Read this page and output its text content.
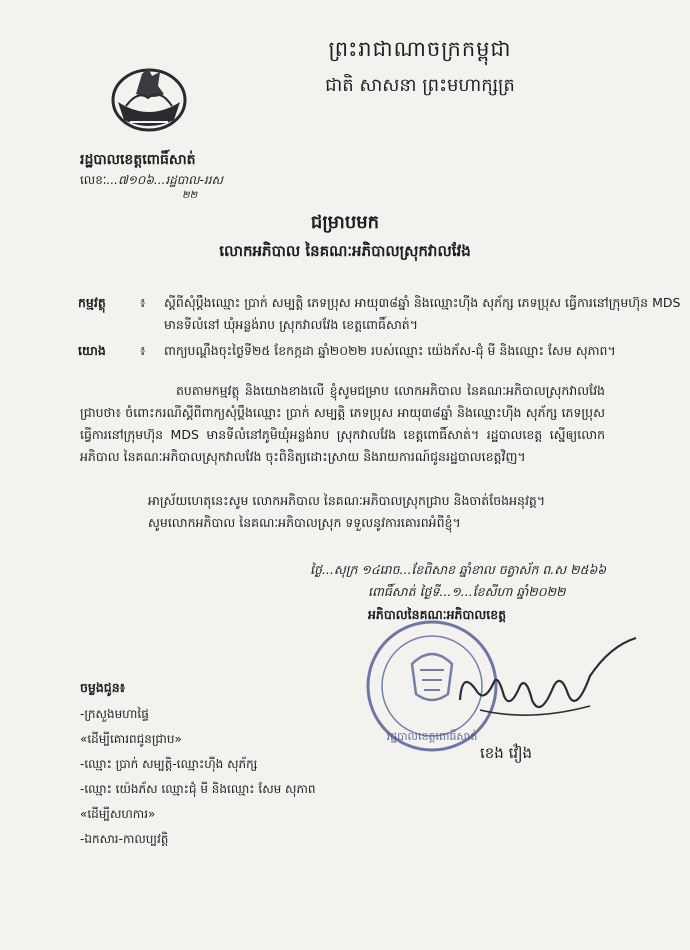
ព្រះរាជាណាចក្រកម្ពុជា
ជាតិ សាសនា ព្រះមហាក្សត្រ
រដ្ឋបាលខេត្តពោធិ៍សាត់
លេខៈ...៧១០៦...រដ្ឋបាល-ររស
២២
ជម្រាបមក
លោកអភិបាល នៃគណៈអភិបាលស្រុកវាលវែង
កម្មវត្ថុ	៖ ស្តីពីសុំប្តឹងឈ្មោះ ប្រាក់ សម្បត្តិ ភេទប្រុស អាយុ៣៨ឆ្នាំ និងឈ្មោះហ៊ីង សុភ័ក្ស ភេទប្រុស ធ្វើការនៅក្រុមហ៊ុន MDS មានទីលំនៅ ឃុំអន្លង់រាប ស្រុកវាលវែង ខេត្តពោធិ៍សាត់។
យោង	៖ ពាក្យបណ្តឹងចុះថ្ងៃទី២៥ ខែកក្កដា ឆ្នាំ២០២២ របស់ឈ្មោះ យ៉េងភ័ស-ជុំ មី និងឈ្មោះ សែម សុភាព។
តបតាមកម្មវត្ថុ និងយោងខាងលើ ខ្ញុំសូមជម្រាប លោកអភិបាល នៃគណៈអភិបាលស្រុកវាលវែង ជ្រាបថា៖ ចំពោះករណីស្តីពីពាក្យសុំប្តឹងឈ្មោះ ប្រាក់ សម្បត្តិ ភេទប្រុស អាយុ៣៨ឆ្នាំ និងឈ្មោះហ៊ីង សុភ័ក្ស ភេទប្រុស ធ្វើការនៅក្រុមហ៊ុន MDS មានទីលំនៅភូមិឃុំអន្លង់រាប ស្រុកវាលវែង ខេត្តពោធិ៍សាត់។ រដ្ឋបាលខេត្ត ស្នើឲ្យលោកអភិបាល នៃគណៈអភិបាលស្រុកវាលវែង ចុះពិនិត្យដោះស្រាយ និងរាយការណ៍ជូនរដ្ឋបាលខេត្តវិញ។
អាស្រ័យហេតុនេះសូម លោកអភិបាល នៃគណៈអភិបាលស្រុកជ្រាប និងចាត់ចែងអនុវត្ត។
សូមលោកអភិបាល នៃគណៈអភិបាលស្រុក ទទួលនូវការគោរពអំពីខ្ញុំ។
ថ្ងៃ...សុក្រ ១៤រោច...ខែពិសាខ ឆ្នាំខាល ចត្វាស័ក ព.ស ២៥៦៦
ពោធិ៍សាត់ ថ្ងៃទី...១...ខែសីហា ឆ្នាំ២០២២
រដ្ឋបាលខេត្តពោធិ៍សាត់
អភិបាលនៃគណៈអភិបាលខេត្ត
ខេង វ៉ៀង
ចម្លងជូន៖
-ក្រសួងមហាផ្ទៃ
«ដើម្បីគោរពជូនជ្រាប»
-ឈ្មោះ ប្រាក់ សម្បត្តិ-ឈ្មោះហ៊ីង សុភ័ក្ស
-ឈ្មោះ យ៉េងភ័ស ឈ្មោះជុំ មី និងឈ្មោះ សែម សុភាព
«ដើម្បីសហការ»
-ឯកសារ-កាលប្បវត្តិ
